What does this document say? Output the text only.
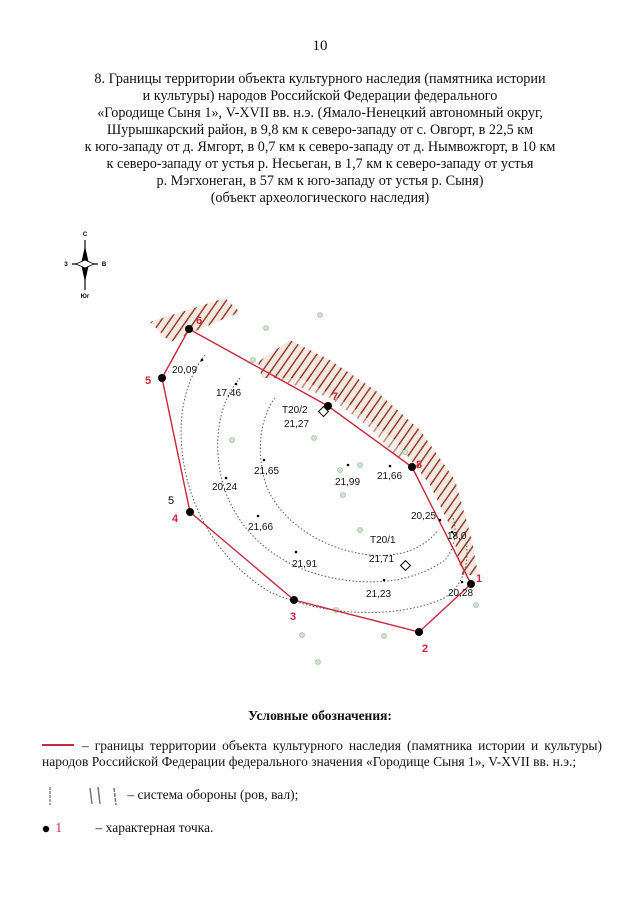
10
8. Границы территории объекта культурного наследия (памятника истории
и культуры) народов Российской Федерации федерального
«Городище Сыня 1», V-XVII вв. н.э. (Ямало-Ненецкий автономный округ,
Шурышкарский район, в 9,8 км к северо-западу от с. Овгорт, в 22,5 км
к юго-западу от д. Ямгорт, в 0,7 км к северо-западу от д. Нымвожгорт, в 10 км
к северо-западу от устья р. Несьеган, в 1,7 км к северо-западу от устья
р. Мэгхонеган, в 57 км к юго-западу от устья р. Сыня)
(объект археологического наследия)
С
З	В
Юг
1
2
3
4
5
6
7
8
5
20,09
17,46
21,27
21,65
21,99
21,66
20,24
21,66
20,25
18,0
21,71
21,91
21,23	20,28
T20/2
T20/1
Условные обозначения:
– границы территории объекта культурного наследия (памятника истории и культуры) народов Российской Федерации федерального значения «Городище Сыня 1», V-XVII вв. н.э.;
– система обороны (ров, вал);
1 – характерная точка.
